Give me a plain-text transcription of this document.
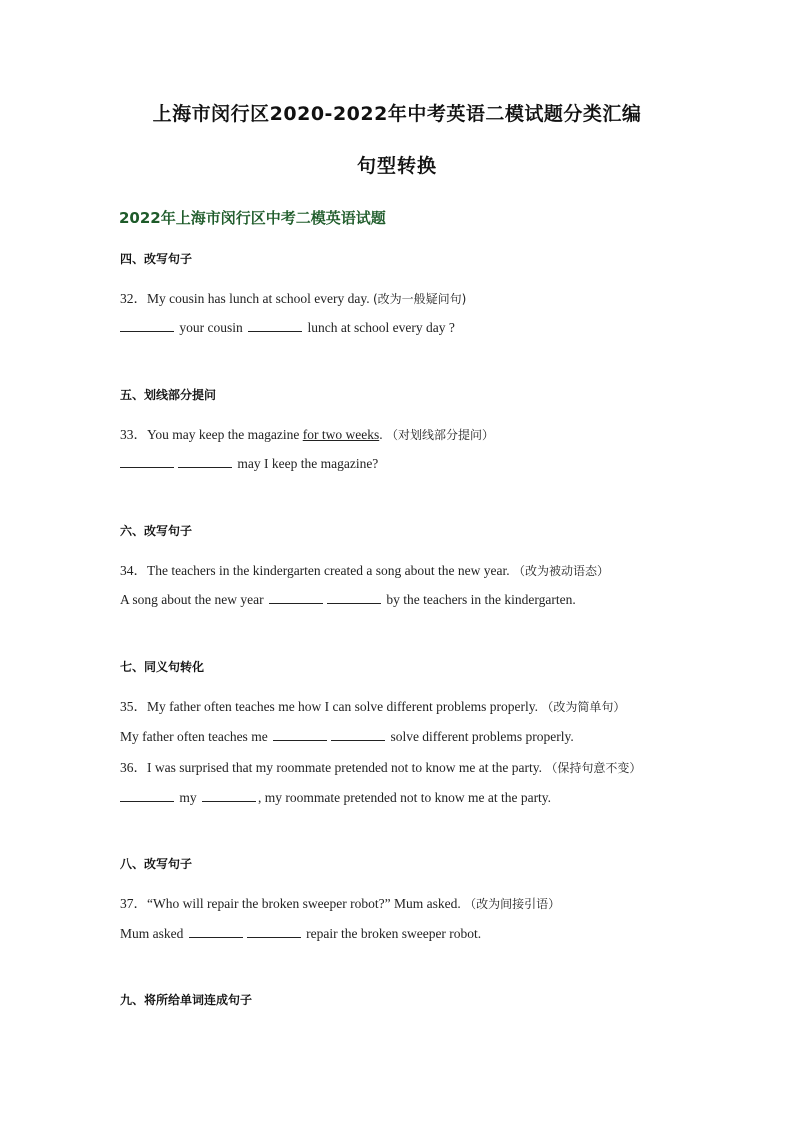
上海市闵行区2020-2022年中考英语二模试题分类汇编
句型转换
2022年上海市闵行区中考二模英语试题
四、改写句子
32．My cousin has lunch at school every day. (改为一般疑问句)
your cousin	lunch at school every day ?
五、划线部分提问
33．You may keep the magazine for two weeks. （对划线部分提问）
may I keep the magazine?
六、改写句子
34．The teachers in the kindergarten created a song about the new year. （改为被动语态）
A song about the new year	by the teachers in the kindergarten.
七、同义句转化
35．My father often teaches me how I can solve different problems properly. （改为简单句）
My father often teaches me	solve different problems properly.
36．I was surprised that my roommate pretended not to know me at the party. （保持句意不变）
my	, my roommate pretended not to know me at the party.
八、改写句子
37．“Who will repair the broken sweeper robot?” Mum asked. （改为间接引语）
Mum asked	repair the broken sweeper robot.
九、将所给单词连成句子
